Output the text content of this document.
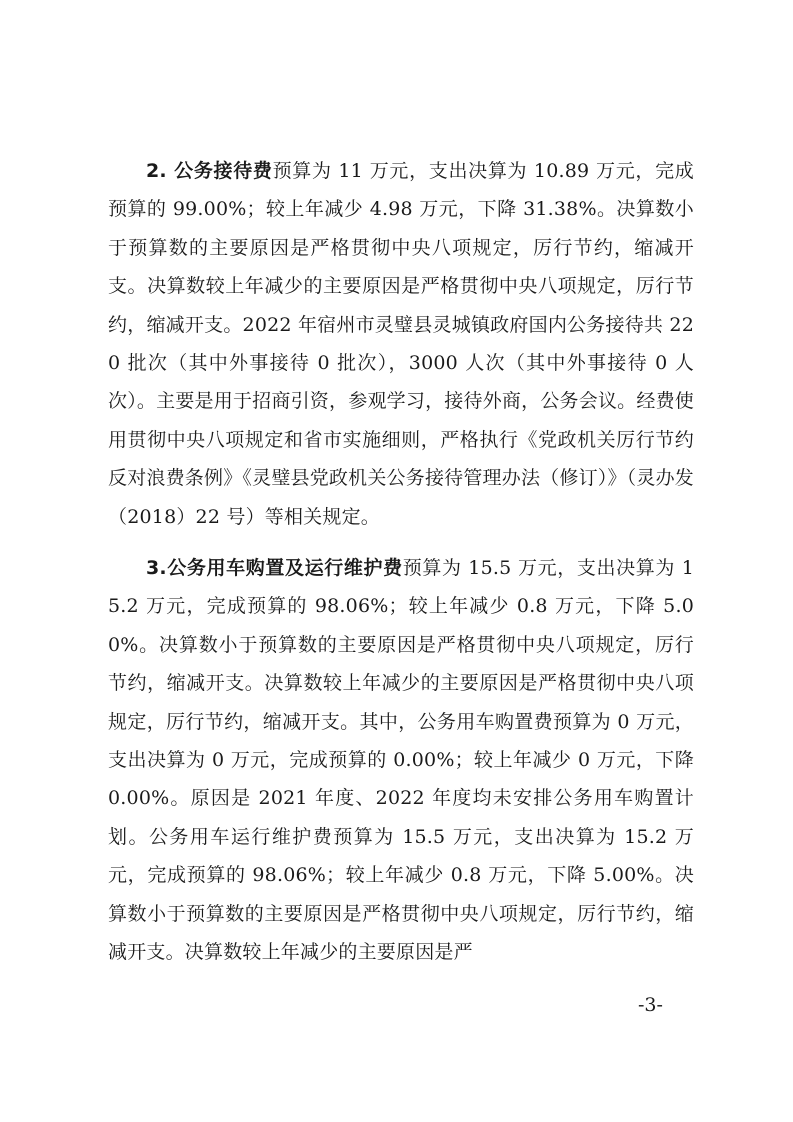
2. 公务接待费预算为 11 万元，支出决算为 10.89 万元，完成预算的 99.00%；较上年减少 4.98 万元，下降 31.38%。决算数小于预算数的主要原因是严格贯彻中央八项规定，厉行节约，缩减开支。决算数较上年减少的主要原因是严格贯彻中央八项规定，厉行节约，缩减开支。2022 年宿州市灵璧县灵城镇政府国内公务接待共 220 批次（其中外事接待 0 批次），3000 人次（其中外事接待 0 人次）。主要是用于招商引资，参观学习，接待外商，公务会议。经费使用贯彻中央八项规定和省市实施细则，严格执行《党政机关厉行节约反对浪费条例》《灵璧县党政机关公务接待管理办法（修订）》（灵办发（2018）22 号）等相关规定。

3.公务用车购置及运行维护费预算为 15.5 万元，支出决算为 15.2 万元，完成预算的 98.06%；较上年减少 0.8 万元，下降 5.00%。决算数小于预算数的主要原因是严格贯彻中央八项规定，厉行节约，缩减开支。决算数较上年减少的主要原因是严格贯彻中央八项规定，厉行节约，缩减开支。其中，公务用车购置费预算为 0 万元，支出决算为 0 万元，完成预算的 0.00%；较上年减少 0 万元，下降 0.00%。原因是 2021 年度、2022 年度均未安排公务用车购置计划。公务用车运行维护费预算为 15.5 万元，支出决算为 15.2 万元，完成预算的 98.06%；较上年减少 0.8 万元，下降 5.00%。决算数小于预算数的主要原因是严格贯彻中央八项规定，厉行节约，缩减开支。决算数较上年减少的主要原因是严

-3-
